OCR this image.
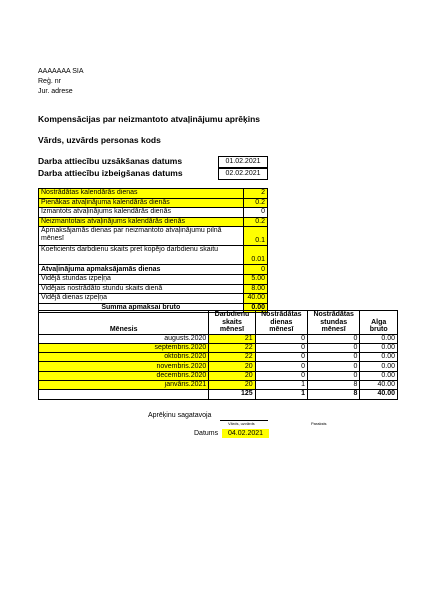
AAAAAAA SIA
Reģ. nr
Jur. adrese
Kompensācijas par neizmantoto atvaļinājumu aprēķins
Vārds, uzvārds personas kods
Darba attiecību uzsākšanas datums	01.02.2021
Darba attiecību izbeigšanas datums	02.02.2021
Nostrādātas kalendārās dienas	2
Pienākas atvaļinājuma kalendārās dienās	0.2
Izmantots atvaļinājums kalendārās dienās	0
Neizmantotais atvaļinājums kalendārās dienās	0.2
Apmaksājamās dienas par neizmantoto atvaļinājumu pilnā mēnesī	0.1
Koeficients darbdienu skaits pret kopējo darbdienu skaitu	0.01
Atvaļinājuma apmaksājamās dienas	0
Vidējā stundas izpeļņa	5.00
Vidējais nostrādāto stundu skaits dienā	8.00
Vidējā dienas izpeļņa	40.00
Summa apmaksai bruto	0.00
Mēnesis	Darbdienu skaits mēnesī	Nostrādātas dienas mēnesī	Nostrādātas stundas mēnesī	Alga bruto
augusts.2020	21	0	0	0.00
septembris.2020	22	0	0	0.00
oktobris.2020	22	0	0	0.00
novembris.2020	20	0	0	0.00
decembris.2020	20	0	0	0.00
janvāris.2021	20	1	8	40.00
	125	1	8	40.00
Aprēķinu sagatavoja
Vārds, uzvārds	Paraksts
Datums	04.02.2021
